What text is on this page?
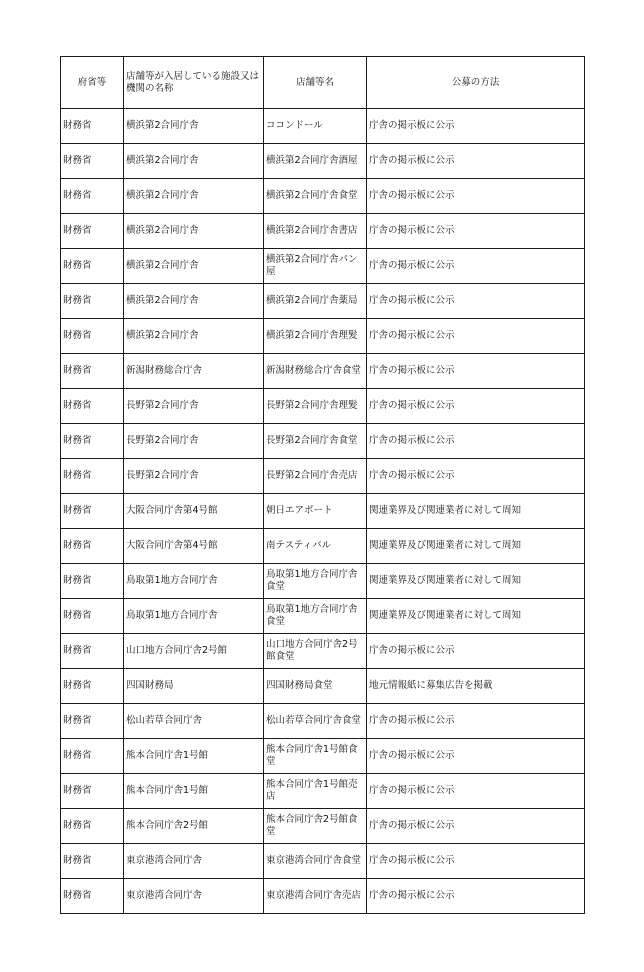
府省等	店舗等が入居している施設又は機関の名称	店舗等名	公募の方法
財務省	横浜第2合同庁舎	ココンドール	庁舎の掲示板に公示
財務省	横浜第2合同庁舎	横浜第2合同庁舎酒屋	庁舎の掲示板に公示
財務省	横浜第2合同庁舎	横浜第2合同庁舎食堂	庁舎の掲示板に公示
財務省	横浜第2合同庁舎	横浜第2合同庁舎書店	庁舎の掲示板に公示
財務省	横浜第2合同庁舎	横浜第2合同庁舎パン屋	庁舎の掲示板に公示
財務省	横浜第2合同庁舎	横浜第2合同庁舎薬局	庁舎の掲示板に公示
財務省	横浜第2合同庁舎	横浜第2合同庁舎理髪	庁舎の掲示板に公示
財務省	新潟財務総合庁舎	新潟財務総合庁舎食堂	庁舎の掲示板に公示
財務省	長野第2合同庁舎	長野第2合同庁舎理髪	庁舎の掲示板に公示
財務省	長野第2合同庁舎	長野第2合同庁舎食堂	庁舎の掲示板に公示
財務省	長野第2合同庁舎	長野第2合同庁舎売店	庁舎の掲示板に公示
財務省	大阪合同庁舎第4号館	朝日エアポート	関連業界及び関連業者に対して周知
財務省	大阪合同庁舎第4号館	南テスティバル	関連業界及び関連業者に対して周知
財務省	鳥取第1地方合同庁舎	鳥取第1地方合同庁舎食堂	関連業界及び関連業者に対して周知
財務省	鳥取第1地方合同庁舎	鳥取第1地方合同庁舎食堂	関連業界及び関連業者に対して周知
財務省	山口地方合同庁舎2号館	山口地方合同庁舎2号館食堂	庁舎の掲示板に公示
財務省	四国財務局	四国財務局食堂	地元情報紙に募集広告を掲載
財務省	松山若草合同庁舎	松山若草合同庁舎食堂	庁舎の掲示板に公示
財務省	熊本合同庁舎1号館	熊本合同庁舎1号館食堂	庁舎の掲示板に公示
財務省	熊本合同庁舎1号館	熊本合同庁舎1号館売店	庁舎の掲示板に公示
財務省	熊本合同庁舎2号館	熊本合同庁舎2号館食堂	庁舎の掲示板に公示
財務省	東京港湾合同庁舎	東京港湾合同庁舎食堂	庁舎の掲示板に公示
財務省	東京港湾合同庁舎	東京港湾合同庁舎売店	庁舎の掲示板に公示
